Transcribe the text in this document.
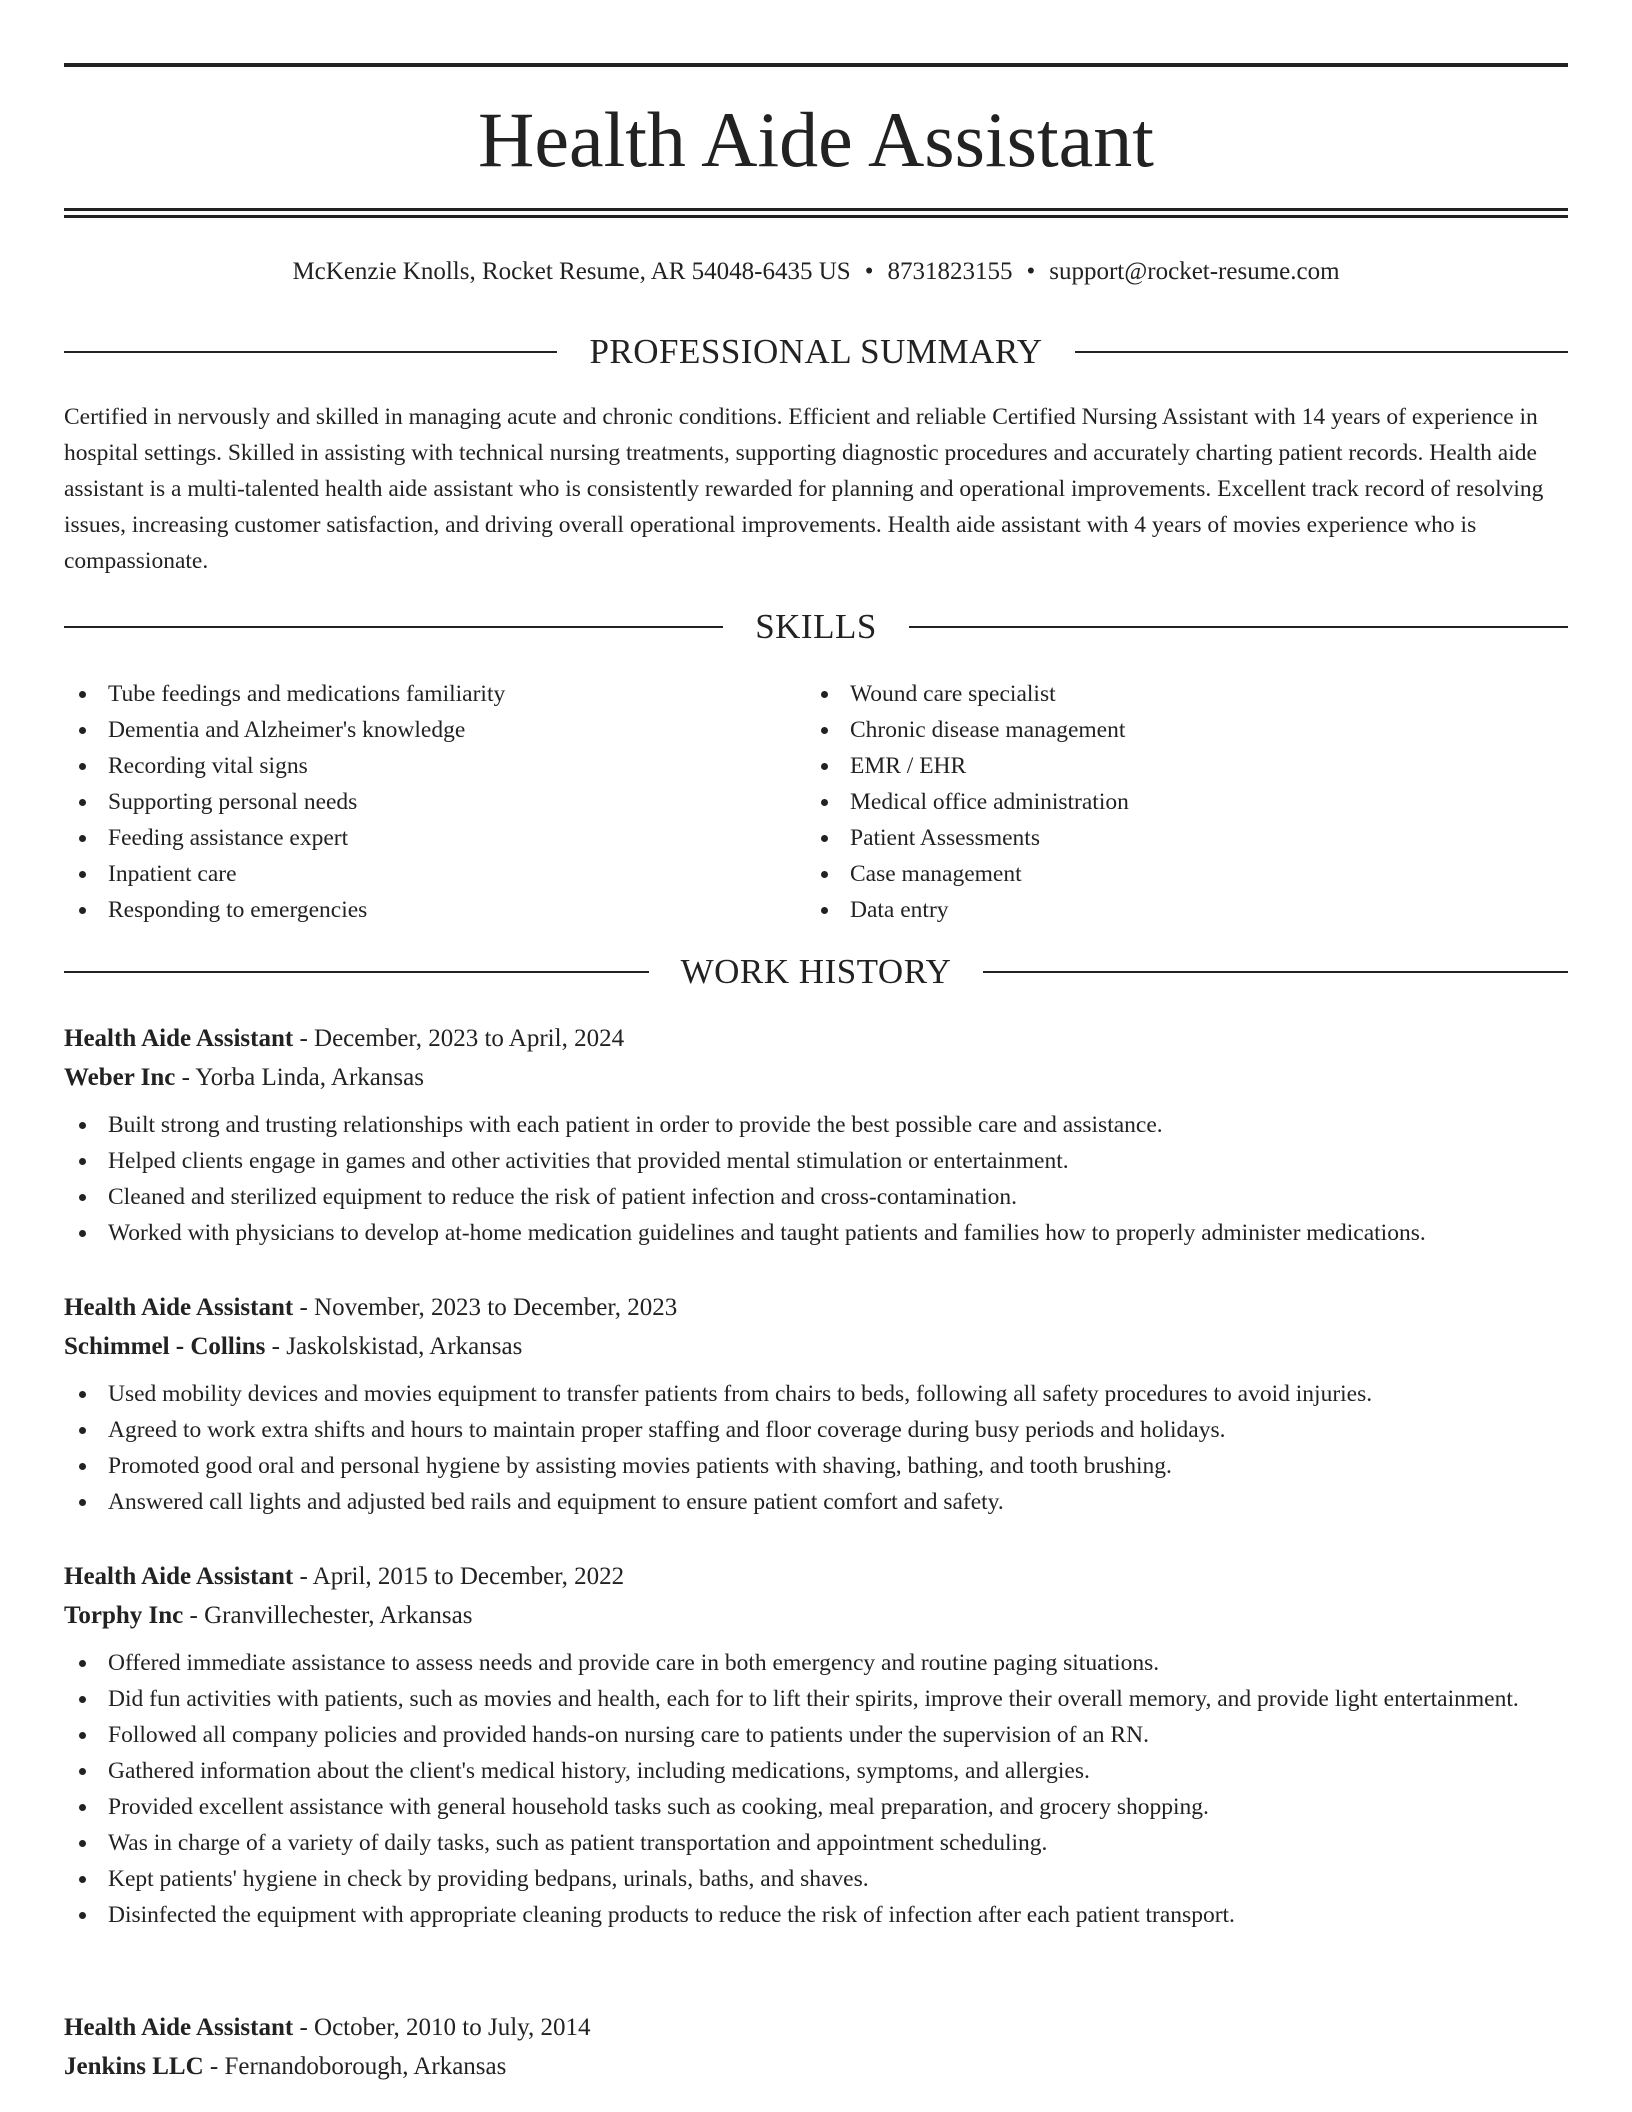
Health Aide Assistant
McKenzie Knolls, Rocket Resume, AR 54048-6435 US • 8731823155 • support@rocket-resume.com
PROFESSIONAL SUMMARY

Certified in nervously and skilled in managing acute and chronic conditions. Efficient and reliable Certified Nursing Assistant with 14 years of experience in hospital settings. Skilled in assisting with technical nursing treatments, supporting diagnostic procedures and accurately charting patient records. Health aide assistant is a multi-talented health aide assistant who is consistently rewarded for planning and operational improvements. Excellent track record of resolving issues, increasing customer satisfaction, and driving overall operational improvements. Health aide assistant with 4 years of movies experience who is compassionate.

SKILLS
Tube feedings and medications familiarity
Dementia and Alzheimer's knowledge
Recording vital signs
Supporting personal needs
Feeding assistance expert
Inpatient care
Responding to emergencies
Wound care specialist
Chronic disease management
EMR / EHR
Medical office administration
Patient Assessments
Case management
Data entry
WORK HISTORY
Health Aide Assistant - December, 2023 to April, 2024
Weber Inc - Yorba Linda, Arkansas
Built strong and trusting relationships with each patient in order to provide the best possible care and assistance.
Helped clients engage in games and other activities that provided mental stimulation or entertainment.
Cleaned and sterilized equipment to reduce the risk of patient infection and cross-contamination.
Worked with physicians to develop at-home medication guidelines and taught patients and families how to properly administer medications.
Health Aide Assistant - November, 2023 to December, 2023
Schimmel - Collins - Jaskolskistad, Arkansas
Used mobility devices and movies equipment to transfer patients from chairs to beds, following all safety procedures to avoid injuries.
Agreed to work extra shifts and hours to maintain proper staffing and floor coverage during busy periods and holidays.
Promoted good oral and personal hygiene by assisting movies patients with shaving, bathing, and tooth brushing.
Answered call lights and adjusted bed rails and equipment to ensure patient comfort and safety.
Health Aide Assistant - April, 2015 to December, 2022
Torphy Inc - Granvillechester, Arkansas
Offered immediate assistance to assess needs and provide care in both emergency and routine paging situations.
Did fun activities with patients, such as movies and health, each for to lift their spirits, improve their overall memory, and provide light entertainment.
Followed all company policies and provided hands-on nursing care to patients under the supervision of an RN.
Gathered information about the client's medical history, including medications, symptoms, and allergies.
Provided excellent assistance with general household tasks such as cooking, meal preparation, and grocery shopping.
Was in charge of a variety of daily tasks, such as patient transportation and appointment scheduling.
Kept patients' hygiene in check by providing bedpans, urinals, baths, and shaves.
Disinfected the equipment with appropriate cleaning products to reduce the risk of infection after each patient transport.
Health Aide Assistant - October, 2010 to July, 2014
Jenkins LLC - Fernandoborough, Arkansas
